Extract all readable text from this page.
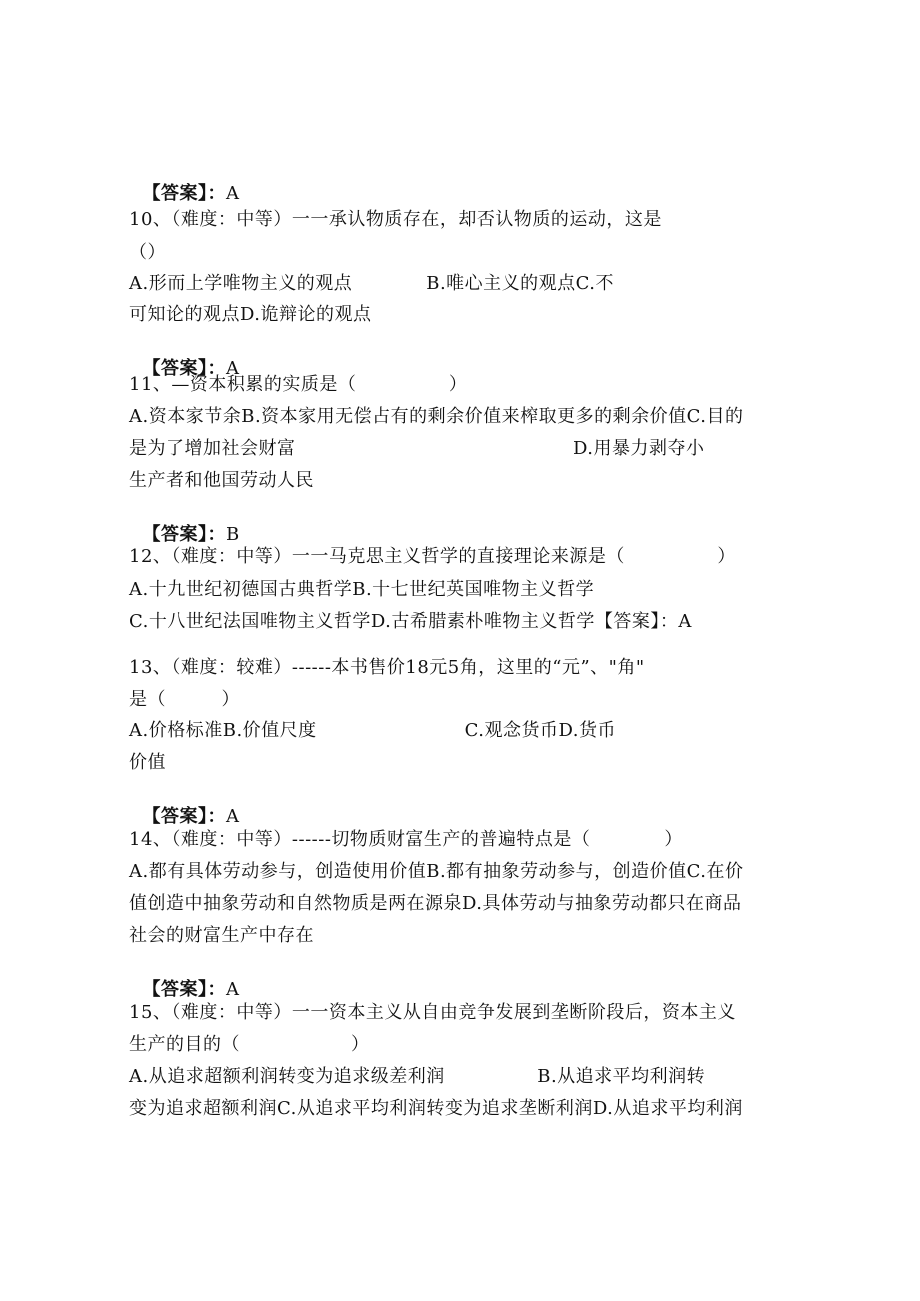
【答案】：A

10、（难度：中等）一一承认物质存在，却否认物质的运动，这是
（）
A.形而上学唯物主义的观点　　　　B.唯心主义的观点C.不
可知论的观点D.诡辩论的观点

【答案】：A

11、—资本积累的实质是（　　　　　）
A.资本家节余B.资本家用无偿占有的剩余价值来榨取更多的剩余价值C.目的
是为了增加社会财富　　　　　　　　　　　　　　　D.用暴力剥夺小
生产者和他国劳动人民

【答案】：B

12、（难度：中等）一一马克思主义哲学的直接理论来源是（　　　　　）
A.十九世纪初德国古典哲学B.十七世纪英国唯物主义哲学
C.十八世纪法国唯物主义哲学D.古希腊素朴唯物主义哲学【答案】：A
13、（难度：较难）------本书售价18元5角，这里的“元”、"角"
是（　　　）
A.价格标准B.价值尺度　　　　　　　　C.观念货币D.货币
价值

【答案】：A

14、（难度：中等）------切物质财富生产的普遍特点是（　　　　）
A.都有具体劳动参与，创造使用价值B.都有抽象劳动参与，创造价值C.在价
值创造中抽象劳动和自然物质是两在源泉D.具体劳动与抽象劳动都只在商品
社会的财富生产中存在

【答案】：A

15、（难度：中等）一一资本主义从自由竞争发展到垄断阶段后，资本主义
生产的目的（　　　　　　）
A.从追求超额利润转变为追求级差利润　　　　　B.从追求平均利润转
变为追求超额利润C.从追求平均利润转变为追求垄断利润D.从追求平均利润
